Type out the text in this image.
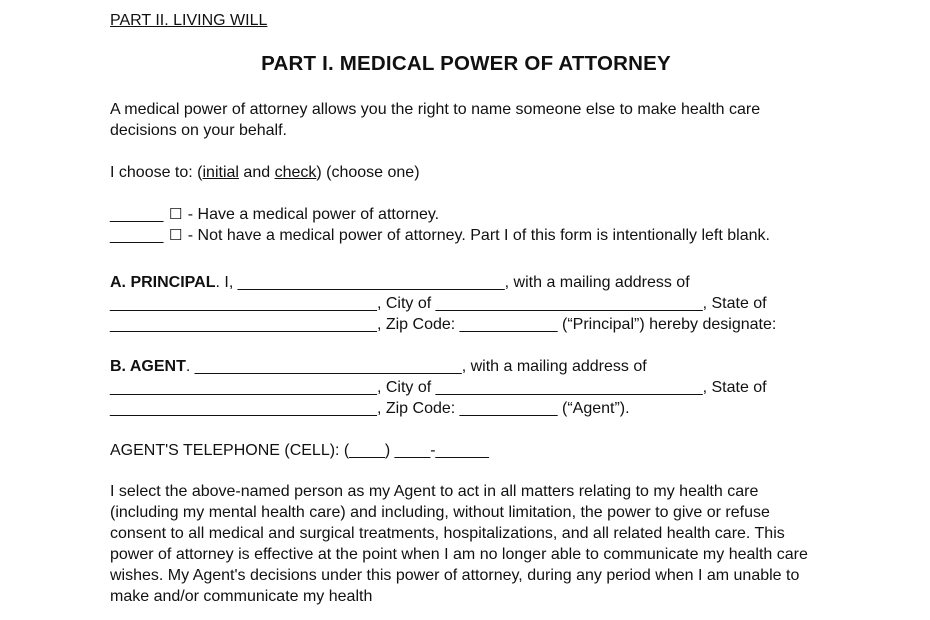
PART II. LIVING WILL

PART I. MEDICAL POWER OF ATTORNEY

A medical power of attorney allows you the right to name someone else to make health care decisions on your behalf.

I choose to: (initial and check) (choose one)

______ ☐ - Have a medical power of attorney.
______ ☐ - Not have a medical power of attorney. Part I of this form is intentionally left blank.

A. PRINCIPAL. I, ______________________________, with a mailing address of ______________________________, City of ______________________________, State of ______________________________, Zip Code: ___________ (“Principal”) hereby designate:

B. AGENT. ______________________________, with a mailing address of ______________________________, City of ______________________________, State of ______________________________, Zip Code: ___________ (“Agent”).

AGENT'S TELEPHONE (CELL): (____) ____-______

I select the above-named person as my Agent to act in all matters relating to my health care (including my mental health care) and including, without limitation, the power to give or refuse consent to all medical and surgical treatments, hospitalizations, and all related health care. This power of attorney is effective at the point when I am no longer able to communicate my health care wishes. My Agent's decisions under this power of attorney, during any period when I am unable to make and/or communicate my health
